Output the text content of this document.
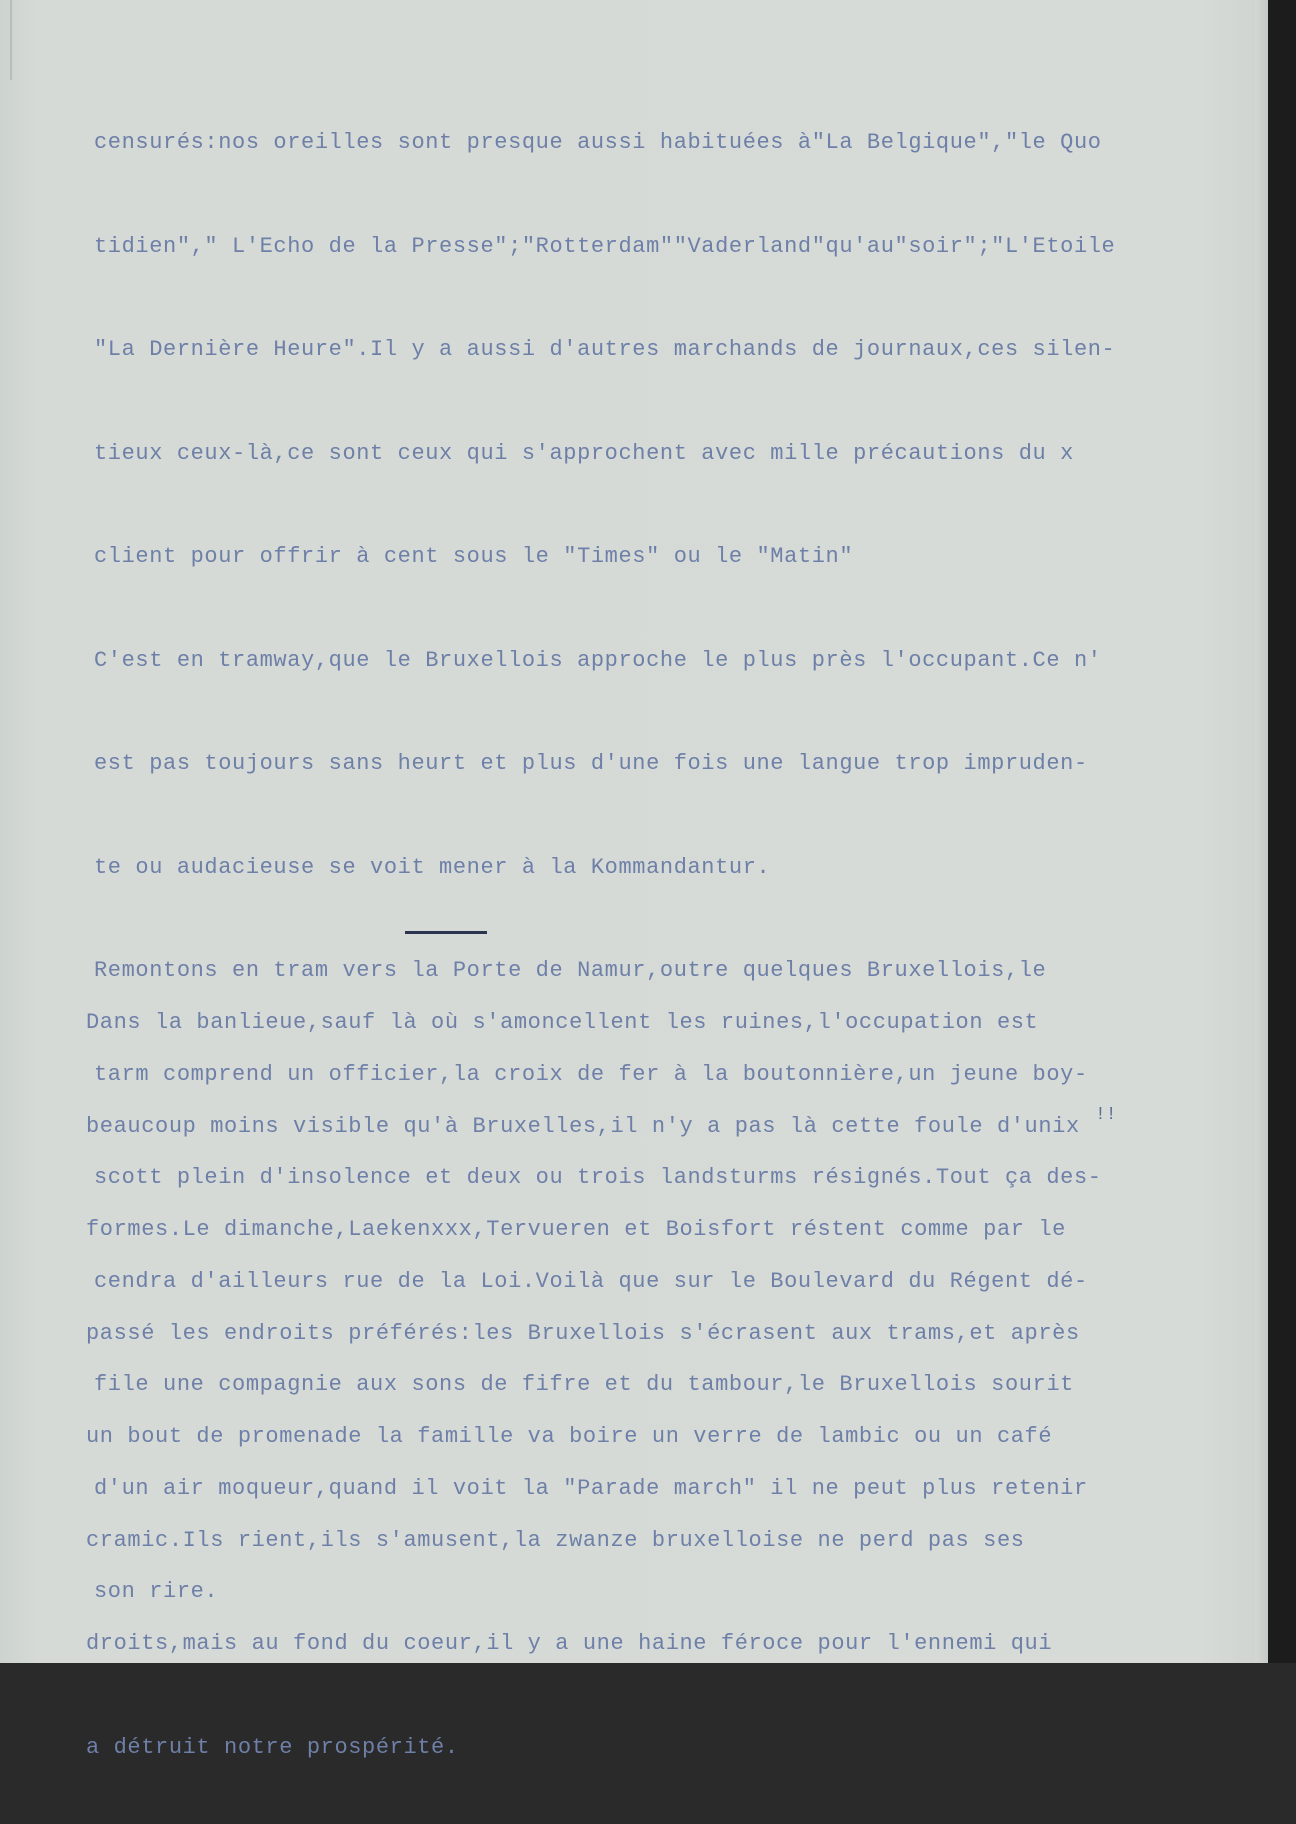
censurés:nos oreilles sont presque aussi habituées à"La Belgique","le Quo

tidien"," L'Echo de la Presse";"Rotterdam""Vaderland"qu'au"soir";"L'Etoile

"La Dernière Heure".Il y a aussi d'autres marchands de journaux,ces silen-

tieux ceux-là,ce sont ceux qui s'approchent avec mille précautions du x

client pour offrir à cent sous le "Times" ou le "Matin"

C'est en tramway,que le Bruxellois approche le plus près l'occupant.Ce n'

est pas toujours sans heurt et plus d'une fois une langue trop impruden-

te ou audacieuse se voit mener à la Kommandantur.

Remontons en tram vers la Porte de Namur,outre quelques Bruxellois,le

tarm comprend un officier,la croix de fer à la boutonnière,un jeune boy-

scott plein d'insolence et deux ou trois landsturms résignés.Tout ça des-

cendra d'ailleurs rue de la Loi.Voilà que sur le Boulevard du Régent dé-

file une compagnie aux sons de fifre et du tambour,le Bruxellois sourit

d'un air moqueur,quand il voit la "Parade march" il ne peut plus retenir

son rire.

!!

Dans la banlieue,sauf là où s'amoncellent les ruines,l'occupation est

beaucoup moins visible qu'à Bruxelles,il n'y a pas là cette foule d'unix

formes.Le dimanche,Laekenxxx,Tervueren et Boisfort réstent comme par le

passé les endroits préférés:les Bruxellois s'écrasent aux trams,et après

un bout de promenade la famille va boire un verre de lambic ou un café

cramic.Ils rient,ils s'amusent,la zwanze bruxelloise ne perd pas ses

droits,mais au fond du coeur,il y a une haine féroce pour l'ennemi qui

a détruit notre prospérité.
